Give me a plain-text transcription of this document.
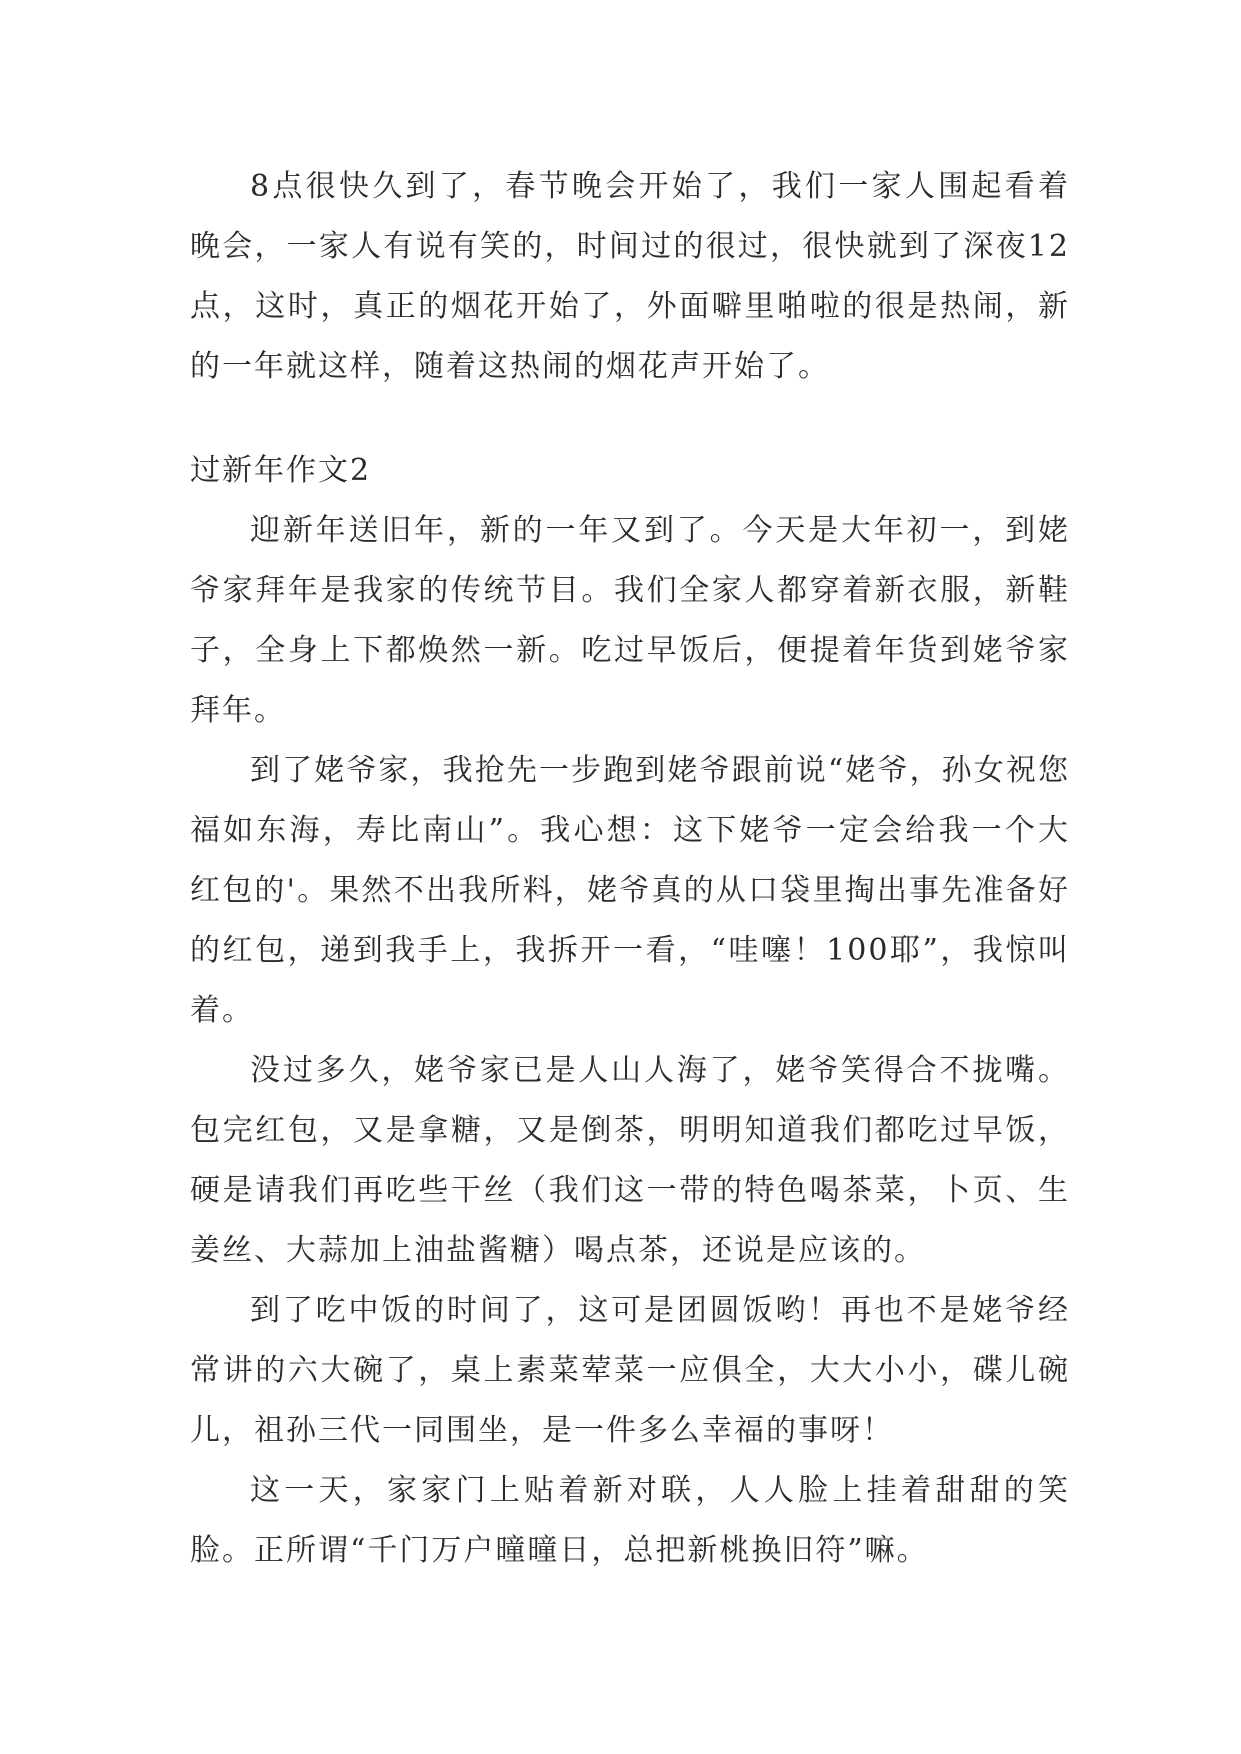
8点很快久到了，春节晚会开始了，我们一家人围起看着晚会，一家人有说有笑的，时间过的很过，很快就到了深夜12点，这时，真正的烟花开始了，外面噼里啪啦的很是热闹，新的一年就这样，随着这热闹的烟花声开始了。

过新年作文2

迎新年送旧年，新的一年又到了。今天是大年初一，到姥爷家拜年是我家的传统节目。我们全家人都穿着新衣服，新鞋子，全身上下都焕然一新。吃过早饭后，便提着年货到姥爷家拜年。

到了姥爷家，我抢先一步跑到姥爷跟前说“姥爷，孙女祝您福如东海，寿比南山”。我心想：这下姥爷一定会给我一个大红包的'。果然不出我所料，姥爷真的从口袋里掏出事先准备好的红包，递到我手上，我拆开一看，“哇噻！100耶”，我惊叫着。

没过多久，姥爷家已是人山人海了，姥爷笑得合不拢嘴。包完红包，又是拿糖，又是倒茶，明明知道我们都吃过早饭，硬是请我们再吃些干丝（我们这一带的特色喝茶菜，卜页、生姜丝、大蒜加上油盐酱糖）喝点茶，还说是应该的。

到了吃中饭的时间了，这可是团圆饭哟！再也不是姥爷经常讲的六大碗了，桌上素菜荤菜一应俱全，大大小小，碟儿碗儿，祖孙三代一同围坐，是一件多么幸福的事呀！

这一天，家家门上贴着新对联，人人脸上挂着甜甜的笑脸。正所谓“千门万户曈曈日，总把新桃换旧符”嘛。
